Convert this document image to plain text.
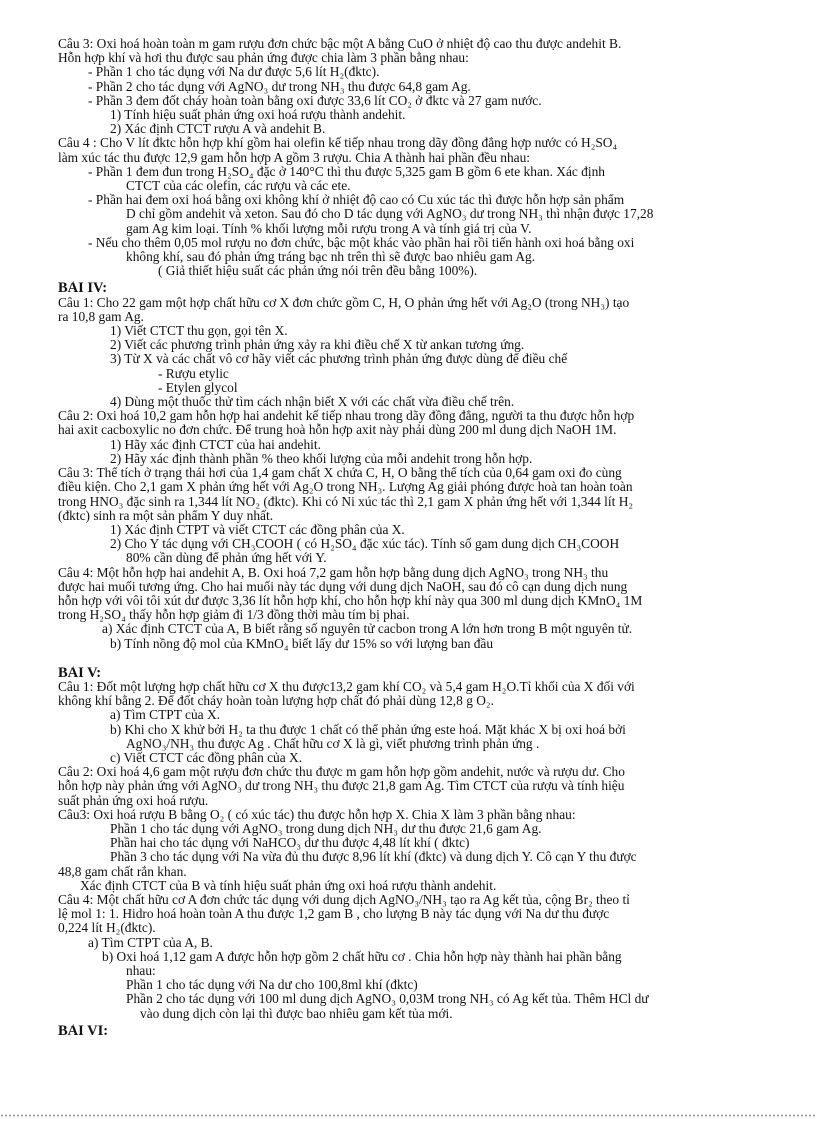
Câu 3: Oxi hoá hoàn toàn m gam rượu đơn chức bậc một A bằng CuO ở nhiệt độ cao thu được andehit B.
Hỗn hợp khí và hơi thu được sau phản ứng được chia làm 3 phần bằng nhau:
- Phần 1 cho tác dụng với Na dư được 5,6 lít H₂(đktc).
- Phần 2 cho tác dụng với AgNO₃ dư trong NH₃ thu được 64,8 gam Ag.
- Phần 3 đem đốt cháy hoàn toàn bằng oxi được 33,6 lít CO₂ ở đktc và 27 gam nước.
1) Tính hiệu suất phản ứng oxi hoá rượu thành andehit.
2) Xác định CTCT rượu A và andehit B.
Câu 4 : Cho V lít đktc hỗn hợp khí gồm hai olefin kế tiếp nhau trong dãy đồng đẳng hợp nước có H₂SO₄
làm xúc tác thu được 12,9 gam hỗn hợp A gồm 3 rượu. Chia A thành hai phần đều nhau:
- Phần 1 đem đun trong H₂SO₄ đặc ở 140°C thì thu được 5,325 gam B gồm 6 ete khan. Xác định
CTCT của các olefin, các rượu và các ete.
- Phần hai đem oxi hoá bằng oxi không khí ở nhiệt độ cao có Cu xúc tác thì được hỗn hợp sản phẩm
D chỉ gồm andehit và xeton. Sau đó cho D tác dụng với AgNO₃ dư trong NH₃ thì nhận được 17,28
gam Ag kim loại. Tính % khối lượng mỗi rượu trong A và tính giá trị của V.
- Nếu cho thêm 0,05 mol rượu no đơn chức, bậc một khác vào phần hai rồi tiến hành oxi hoá bằng oxi
không khí, sau đó phản ứng tráng bạc nh trên thì sẽ được bao nhiêu gam Ag.
( Giả thiết hiệu suất các phản ứng nói trên đều bằng 100%).
BÀI IV:
Câu 1: Cho 22 gam một hợp chất hữu cơ X đơn chức gồm C, H, O phản ứng hết với Ag₂O (trong NH₃) tạo
ra 10,8 gam Ag.
1) Viết CTCT thu gọn, gọi tên X.
2) Viết các phương trình phản ứng xảy ra khi điều chế X từ ankan tương ứng.
3) Từ X và các chất vô cơ hãy viết các phương trình phản ứng được dùng để điều chế
- Rượu etylic
- Etylen glycol
4) Dùng một thuốc thử tìm cách nhận biết X với các chất vừa điều chế trên.
Câu 2: Oxi hoá 10,2 gam hỗn hợp hai andehit kế tiếp nhau trong dãy đồng đẳng, người ta thu được hỗn hợp
hai axit cacboxylic no đơn chức. Để trung hoà hỗn hợp axit này phải dùng 200 ml dung dịch NaOH 1M.
1) Hãy xác định CTCT của hai andehit.
2) Hãy xác định thành phần % theo khối lượng của mỗi andehit trong hỗn hợp.
Câu 3: Thể tích ở trạng thái hơi của 1,4 gam chất X chứa C, H, O bằng thể tích của 0,64 gam oxi đo cùng
điều kiện. Cho 2,1 gam X phản ứng hết với Ag₂O trong NH₃. Lượng Ag giải phóng được hoà tan hoàn toàn
trong HNO₃ đặc sinh ra 1,344 lít NO₂ (đktc). Khi có Ni xúc tác thì 2,1 gam X phản ứng hết với 1,344 lít H₂
(đktc) sinh ra một sản phẩm Y duy nhất.
1) Xác định CTPT và viết CTCT các đồng phân của X.
2) Cho Y tác dụng với CH₃COOH ( có H₂SO₄ đặc xúc tác). Tính số gam dung dịch CH₃COOH
80% cần dùng để phản ứng hết với Y.
Câu 4: Một hỗn hợp hai andehit A, B. Oxi hoá 7,2 gam hỗn hợp bằng dung dịch AgNO₃ trong NH₃ thu
được hai muối tương ứng. Cho hai muối này tác dụng với dung dịch NaOH, sau đó cô cạn dung dịch nung
hỗn hợp với vôi tôi xút dư được 3,36 lít hỗn hợp khí, cho hỗn hợp khí này qua 300 ml dung dịch KMnO₄ 1M
trong H₂SO₄ thấy hỗn hợp giảm đi 1/3 đồng thời màu tím bị phai.
a) Xác định CTCT của A, B biết rằng số nguyên tử cacbon trong A lớn hơn trong B một nguyên tử.
b) Tính nồng độ mol của KMnO₄ biết lấy dư 15% so với lượng ban đầu
BÀI V:
Câu 1: Đốt một lượng hợp chất hữu cơ X thu được13,2 gam khí CO₂ và 5,4 gam H₂O.Tỉ khối của X đối với
không khí bằng 2. Để đốt cháy hoàn toàn lượng hợp chất đó phải dùng 12,8 g O₂.
a) Tìm CTPT của X.
b) Khi cho X khử bởi H₂ ta thu được 1 chất có thể phản ứng este hoá. Mặt khác X bị oxi hoá bởi
AgNO₃/NH₃ thu được Ag . Chất hữu cơ X là gì, viết phương trình phản ứng .
c) Viết CTCT các đồng phân của X.
Câu 2: Oxi hoá 4,6 gam một rượu đơn chức thu được m gam hỗn hợp gồm andehit, nước và rượu dư. Cho
hỗn hợp này phản ứng với AgNO₃ dư trong NH₃ thu được 21,8 gam Ag. Tìm CTCT của rượu và tính hiệu
suất phản ứng oxi hoá rượu.
Câu3: Oxi hoá rượu B bằng O₂ ( có xúc tác) thu được hỗn hợp X. Chia X làm 3 phần bằng nhau:
Phần 1 cho tác dụng với AgNO₃ trong dung dịch NH₃ dư thu được 21,6 gam Ag.
Phần hai cho tác dụng với NaHCO₃ dư thu được 4,48 lít khí ( đktc)
Phần 3 cho tác dụng với Na vừa đủ thu được 8,96 lít khí (đktc) và dung dịch Y. Cô cạn Y thu được
48,8 gam chất rắn khan.
Xác định CTCT của B và tính hiệu suất phản ứng oxi hoá rượu thành andehit.
Câu 4: Một chất hữu cơ A đơn chức tác dụng với dung dịch AgNO₃/NH₃ tạo ra Ag kết tủa, cộng Br₂ theo tỉ
lệ mol 1: 1. Hidro hoá hoàn toàn A thu được 1,2 gam B , cho lượng B này tác dụng với Na dư thu được
0,224 lít H₂(đktc).
a) Tìm CTPT của A, B.
b) Oxi hoá 1,12 gam A được hỗn hợp gồm 2 chất hữu cơ . Chia hỗn hợp này thành hai phần bằng
nhau:
Phần 1 cho tác dụng với Na dư cho 100,8ml khí (đktc)
Phần 2 cho tác dụng với 100 ml dung dịch AgNO₃ 0,03M trong NH₃ có Ag kết tủa. Thêm HCl dư
vào dung dịch còn lại thì được bao nhiêu gam kết tủa mới.
BÀI VI:
